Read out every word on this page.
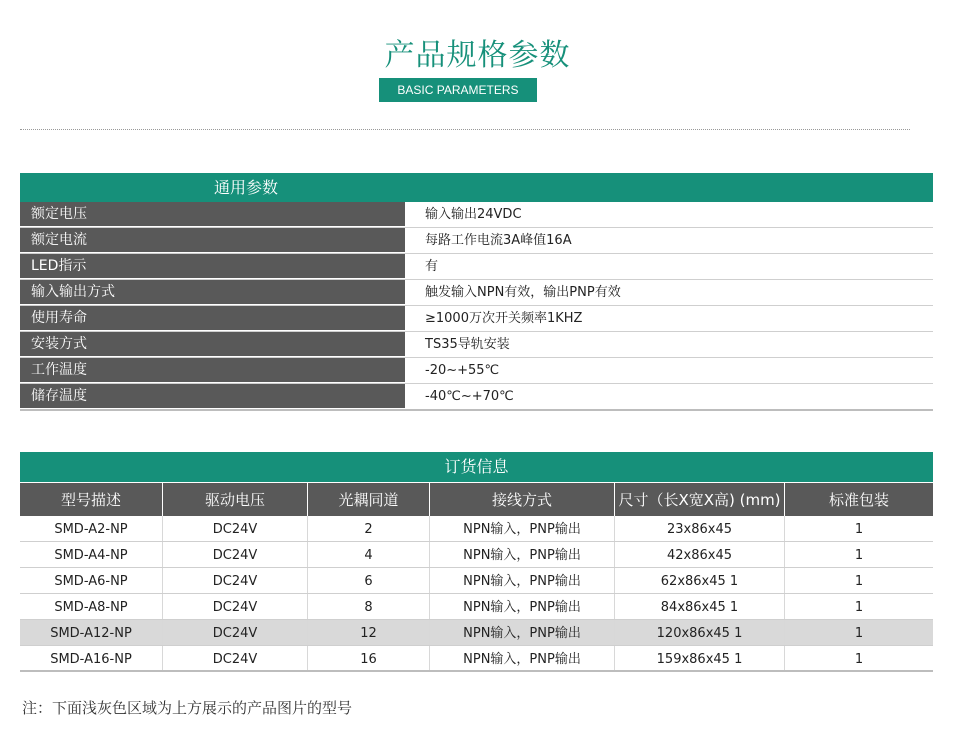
产品规格参数
BASIC PARAMETERS
通用参数
额定电压	输入输出24VDC
额定电流	每路工作电流3A峰值16A
LED指示	有
输入输出方式	触发输入NPN有效，输出PNP有效
使用寿命	≥1000万次开关频率1KHZ
安装方式	TS35导轨安装
工作温度	-20~+55℃
储存温度	-40℃~+70℃
订货信息
型号描述	驱动电压	光耦同道	接线方式	尺寸（长X宽X高) (mm)	标准包装
SMD-A2-NP	DC24V	2	NPN输入，PNP输出	23x86x45	1
SMD-A4-NP	DC24V	4	NPN输入，PNP输出	42x86x45	1
SMD-A6-NP	DC24V	6	NPN输入，PNP输出	62x86x45 1	1
SMD-A8-NP	DC24V	8	NPN输入，PNP输出	84x86x45 1	1
SMD-A12-NP	DC24V	12	NPN输入，PNP输出	120x86x45 1	1
SMD-A16-NP	DC24V	16	NPN输入，PNP输出	159x86x45 1	1
注：下面浅灰色区域为上方展示的产品图片的型号
